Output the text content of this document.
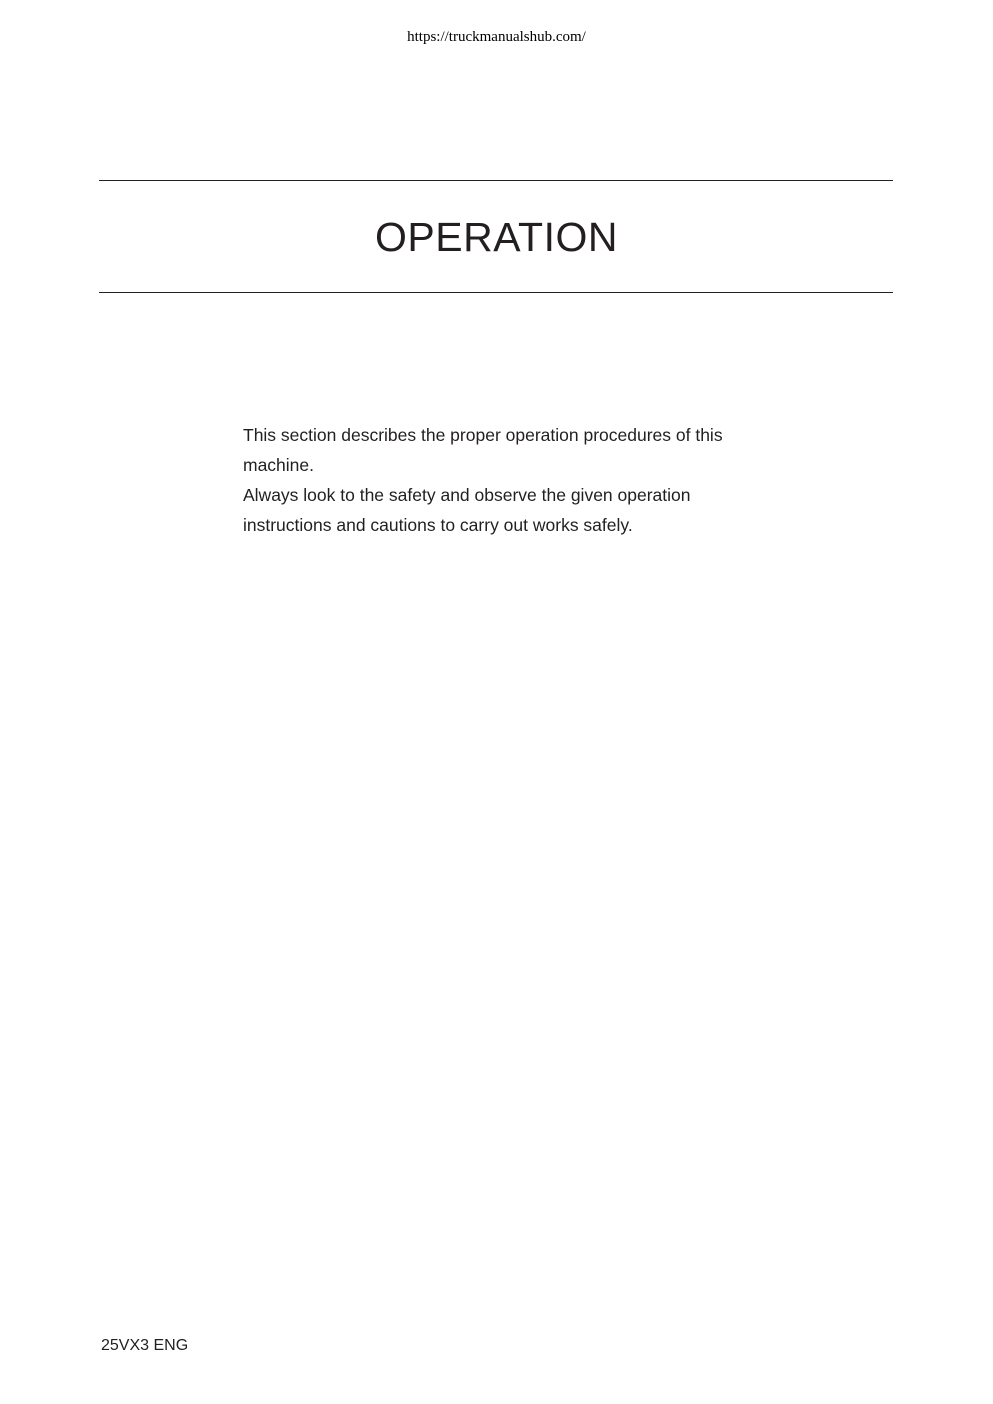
https://truckmanualshub.com/
OPERATION

This section describes the proper operation procedures of this

machine.

Always look to the safety and observe the given operation

instructions and cautions to carry out works safely.

25VX3 ENG
